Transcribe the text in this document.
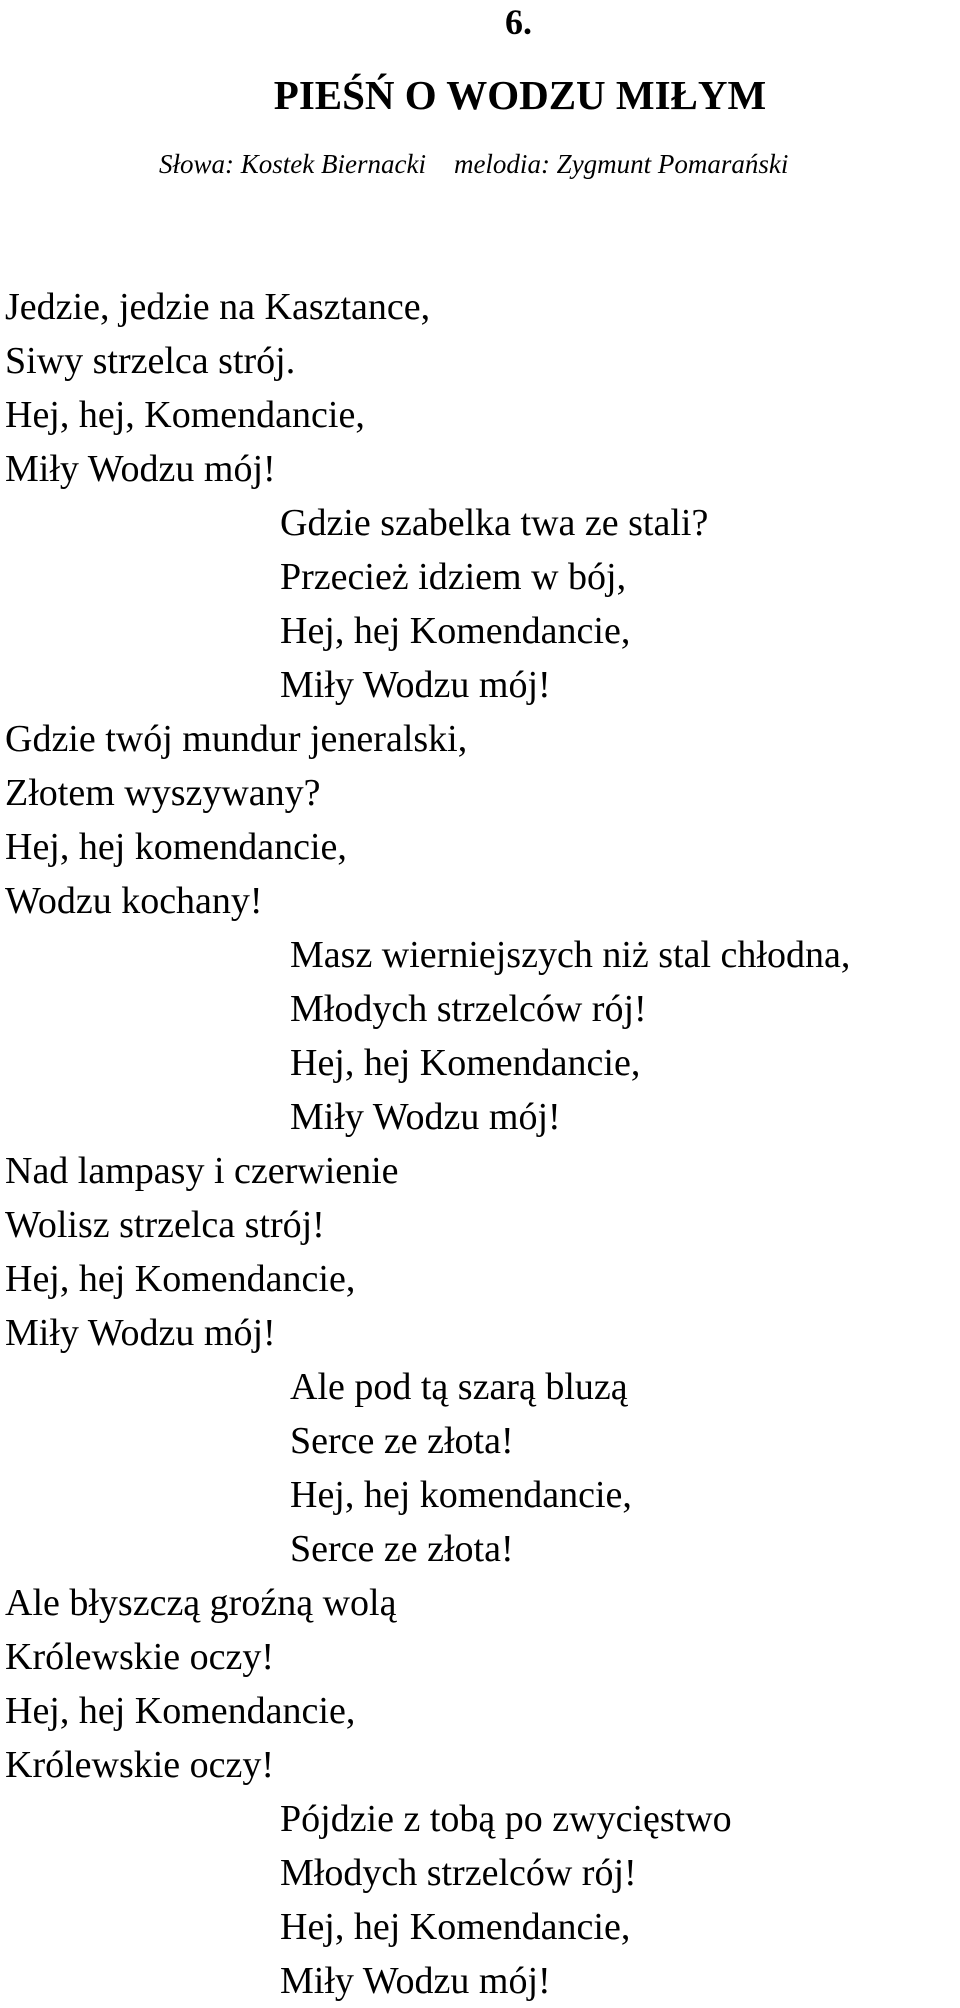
6.
PIEŚŃ O WODZU MIŁYM
Słowa: Kostek Biernacki melodia: Zygmunt Pomarański
Jedzie, jedzie na Kasztance,
Siwy strzelca strój.
Hej, hej, Komendancie,
Miły Wodzu mój!
Gdzie szabelka twa ze stali?
Przecież idziem w bój,
Hej, hej Komendancie,
Miły Wodzu mój!
Gdzie twój mundur jeneralski,
Złotem wyszywany?
Hej, hej komendancie,
Wodzu kochany!
Masz wierniejszych niż stal chłodna,
Młodych strzelców rój!
Hej, hej Komendancie,
Miły Wodzu mój!
Nad lampasy i czerwienie
Wolisz strzelca strój!
Hej, hej Komendancie,
Miły Wodzu mój!
Ale pod tą szarą bluzą
Serce ze złota!
Hej, hej komendancie,
Serce ze złota!
Ale błyszczą groźną wolą
Królewskie oczy!
Hej, hej Komendancie,
Królewskie oczy!
Pójdzie z tobą po zwycięstwo
Młodych strzelców rój!
Hej, hej Komendancie,
Miły Wodzu mój!
